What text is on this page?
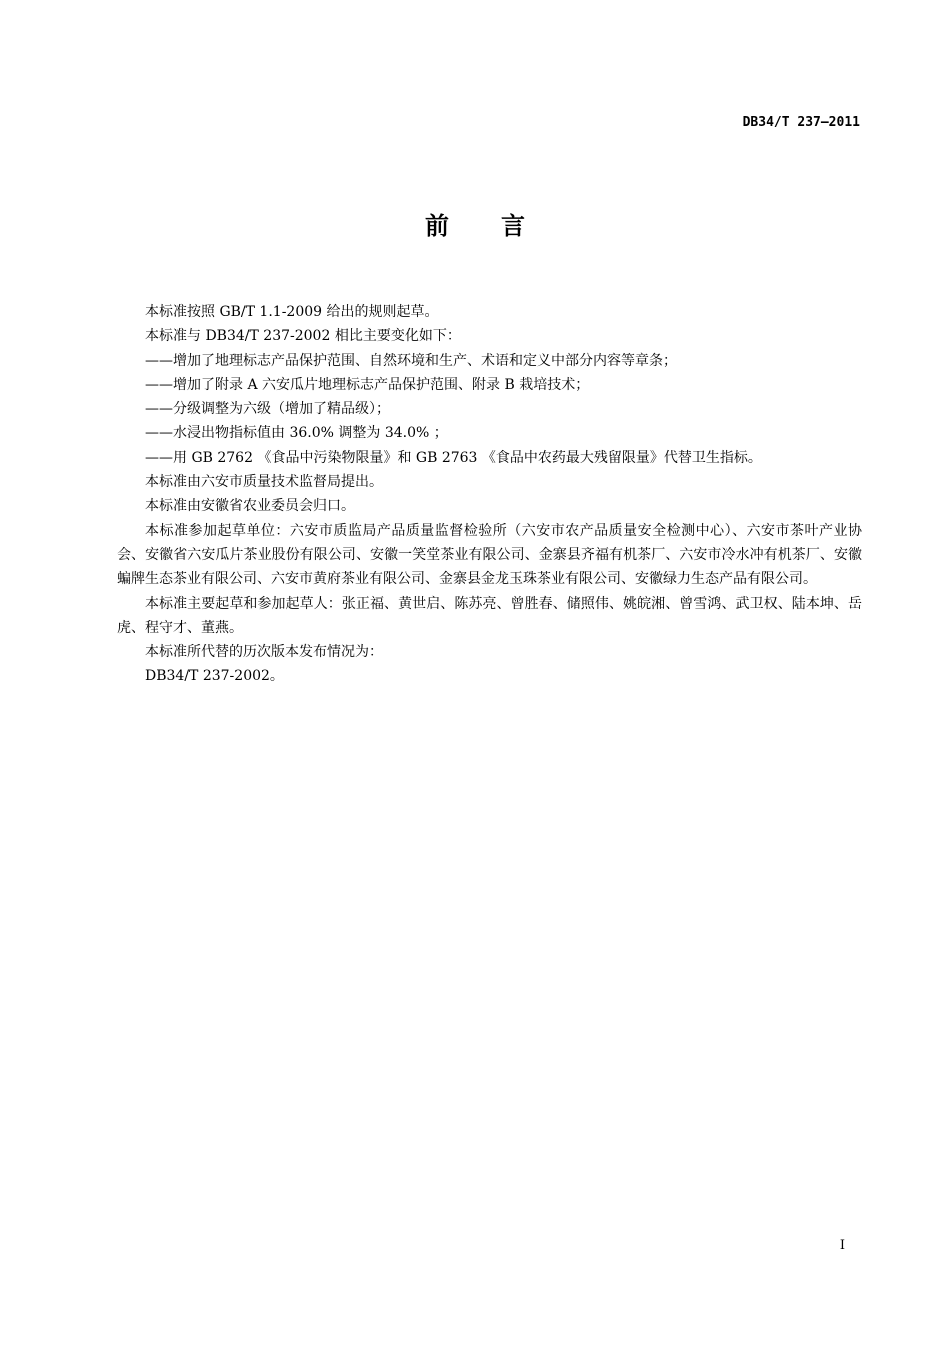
DB34/T 237—2011
前言

本标准按照 GB/T 1.1-2009 给出的规则起草。

本标准与 DB34/T 237-2002 相比主要变化如下：

——增加了地理标志产品保护范围、自然环境和生产、术语和定义中部分内容等章条；

——增加了附录 A 六安瓜片地理标志产品保护范围、附录 B 栽培技术；

——分级调整为六级（增加了精品级）；

——水浸出物指标值由 36.0% 调整为 34.0% ；

——用 GB 2762 《食品中污染物限量》和 GB 2763 《食品中农药最大残留限量》代替卫生指标。

本标准由六安市质量技术监督局提出。

本标准由安徽省农业委员会归口。

本标准参加起草单位：六安市质监局产品质量监督检验所（六安市农产品质量安全检测中心）、六安市茶叶产业协会、安徽省六安瓜片茶业股份有限公司、安徽一笑堂茶业有限公司、金寨县齐福有机茶厂、六安市冷水冲有机茶厂、安徽蝙牌生态茶业有限公司、六安市黄府茶业有限公司、金寨县金龙玉珠茶业有限公司、安徽绿力生态产品有限公司。

本标准主要起草和参加起草人：张正福、黄世启、陈苏亮、曾胜春、储照伟、姚皖湘、曾雪鸿、武卫权、陆本坤、岳虎、程守才、董燕。

本标准所代替的历次版本发布情况为：

DB34/T 237-2002。

I
